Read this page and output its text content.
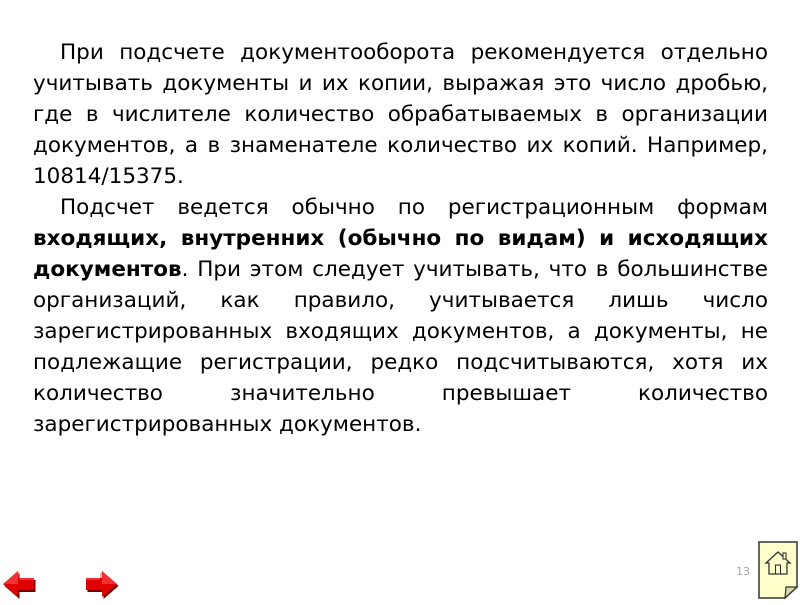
При подсчете документооборота рекомендуется отдельно учитывать документы и их копии, выражая это число дробью, где в числителе количество обрабатываемых в организации документов, а в знаменателе количество их копий. Например, 10814/15375.

Подсчет ведется обычно по регистрационным формам входящих, внутренних (обычно по видам) и исходящих документов. При этом следует учитывать, что в большинстве организаций, как правило, учитывается лишь число зарегистрированных входящих документов, а документы, не подлежащие регистрации, редко подсчитываются, хотя их количество значительно превышает количество зарегистрированных документов.

13
